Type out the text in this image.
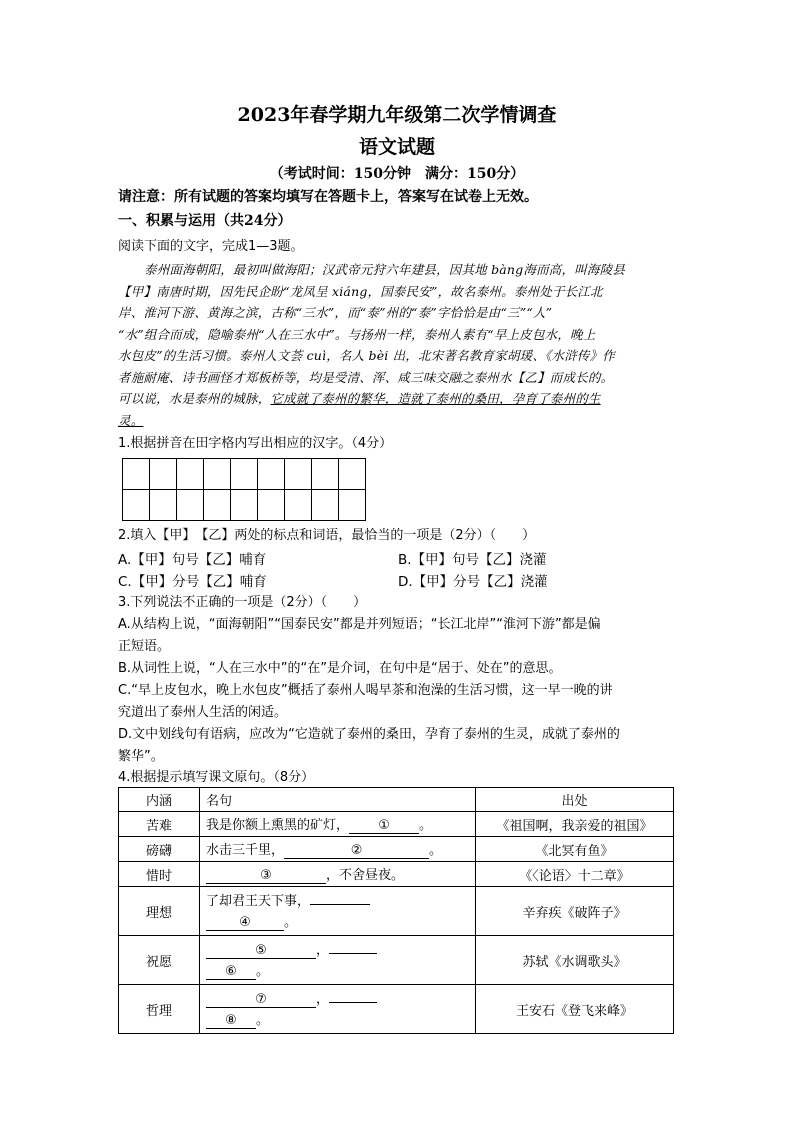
2023年春学期九年级第二次学情调查
语文试题
（考试时间：150分钟　满分：150分）
请注意：所有试题的答案均填写在答题卡上，答案写在试卷上无效。
一、积累与运用（共24分）
阅读下面的文字，完成1—3题。
泰州面海朝阳，最初叫做海阳；汉武帝元狩六年建县，因其地 bàng海而高，叫海陵县
【甲】南唐时期，因先民企盼“龙凤呈 xiáng，国泰民安”，故名泰州。泰州处于长江北
岸、淮河下游、黄海之滨，古称“三水”，而“泰”州的“泰”字恰恰是由“三”“人”
“水”组合而成，隐喻泰州“人在三水中”。与扬州一样，泰州人素有“早上皮包水，晚上
水包皮”的生活习惯。泰州人文荟 cuì，名人 bèi 出，北宋著名教育家胡瑗、《水浒传》作
者施耐庵、诗书画怪才郑板桥等，均是受清、浑、咸三味交融之泰州水【乙】而成长的。
可以说，水是泰州的城脉，它成就了泰州的繁华，造就了泰州的桑田，孕育了泰州的生
灵。
1.根据拼音在田字格内写出相应的汉字。（4分）

2.填入【甲】　【乙】两处的标点和词语，最恰当的一项是（2分）（　　）
A.【甲】句号【乙】哺育	B.【甲】句号【乙】浇灌
C.【甲】分号【乙】哺育	D.【甲】分号【乙】浇灌
3.下列说法不正确的一项是（2分）（　　）
A.从结构上说，“面海朝阳”“国泰民安”都是并列短语；“长江北岸”“淮河下游”都是偏
正短语。
B.从词性上说，“人在三水中”的“在”是介词，在句中是“居于、处在”的意思。
C.“早上皮包水，晚上水包皮”概括了泰州人喝早茶和泡澡的生活习惯，这一早一晚的讲
究道出了泰州人生活的闲适。
D.文中划线句有语病，应改为“它造就了泰州的桑田，孕育了泰州的生灵，成就了泰州的
繁华”。
4.根据提示填写课文原句。（8分）
内涵	名句	出处
苦难	我是你额上熏黑的矿灯， ① 。	《祖国啊，我亲爱的祖国》
磅礴	水击三千里， ② 。	《北冥有鱼》
惜时	③ ，不舍昼夜。	《〈论语〉十二章》
理想	了却君王天下事，
④ 。	辛弃疾《破阵子》
祝愿	⑤ ，
⑥ 。	苏轼《水调歌头》
哲理	⑦ ，
⑧ 。	王安石《登飞来峰》
